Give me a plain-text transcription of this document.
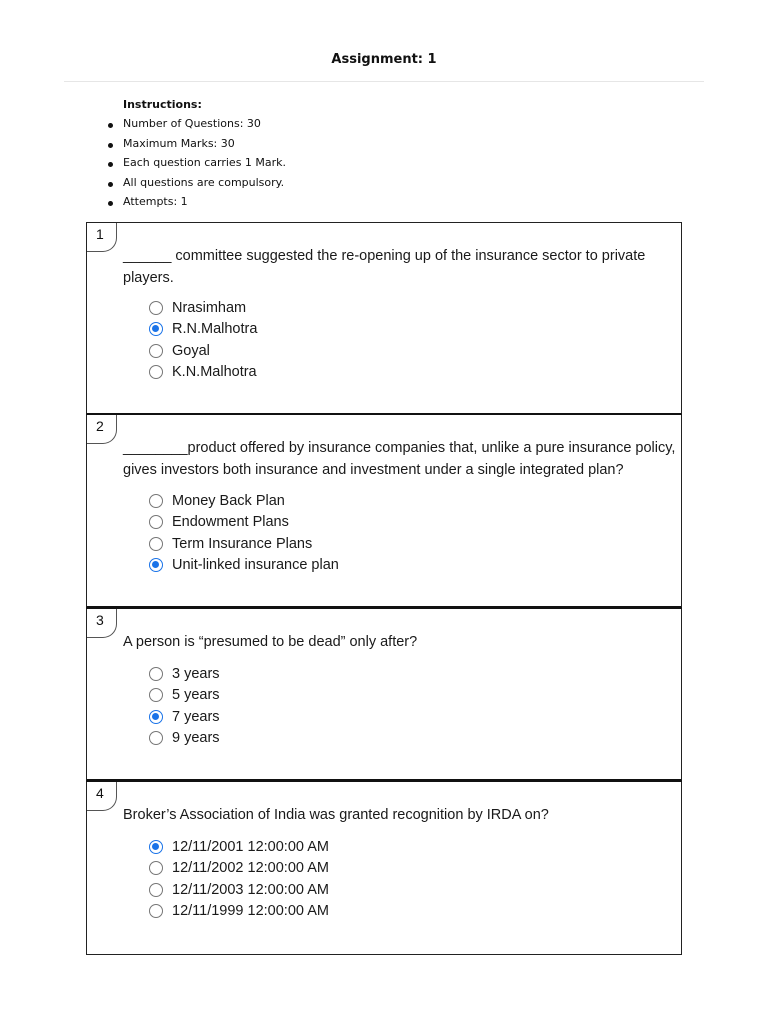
Assignment: 1
Instructions:
Number of Questions: 30
Maximum Marks: 30
Each question carries 1 Mark.
All questions are compulsory.
Attempts: 1
1
______ committee suggested the re-opening up of the insurance sector to private players.
Nrasimham
R.N.Malhotra
Goyal
K.N.Malhotra
2
________product offered by insurance companies that, unlike a pure insurance policy, gives investors both insurance and investment under a single integrated plan?
Money Back Plan
Endowment Plans
Term Insurance Plans
Unit-linked insurance plan
3
A person is “presumed to be dead” only after?
3 years
5 years
7 years
9 years
4
Broker’s Association of India was granted recognition by IRDA on?
12/11/2001 12:00:00 AM
12/11/2002 12:00:00 AM
12/11/2003 12:00:00 AM
12/11/1999 12:00:00 AM
